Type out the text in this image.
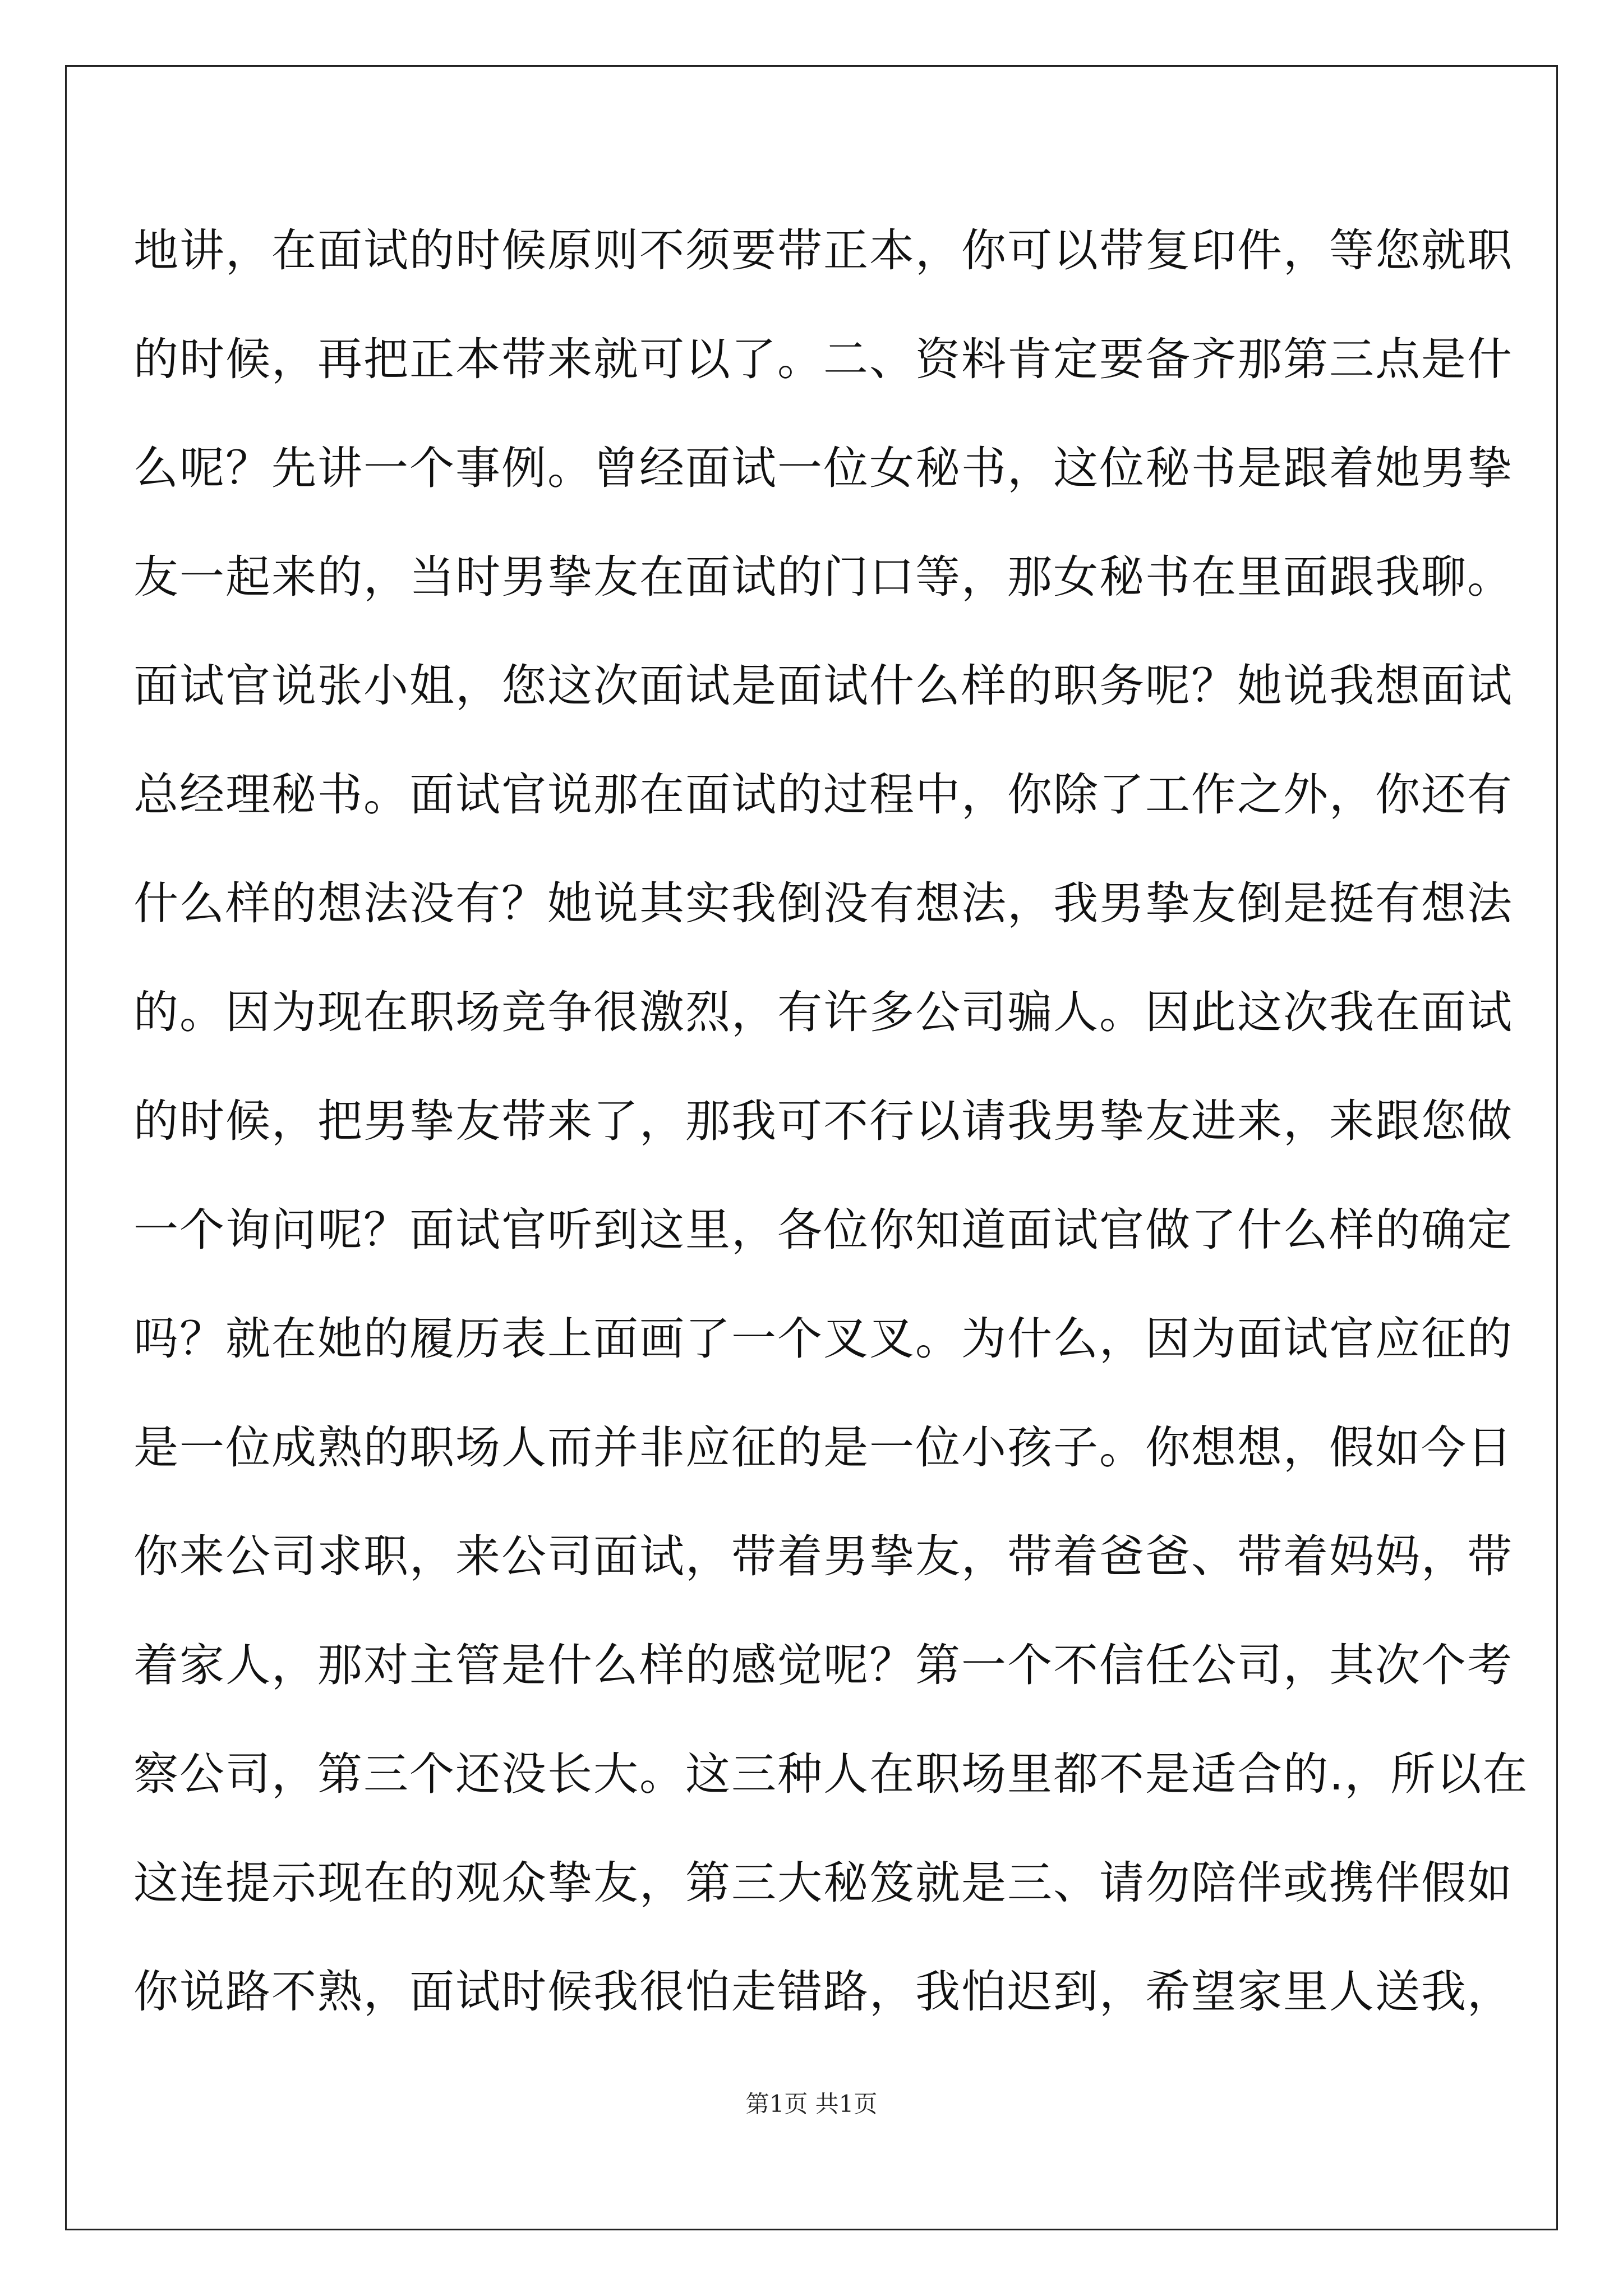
地讲，在面试的时候原则不须要带正本，你可以带复印件，等您就职
的时候，再把正本带来就可以了。二、资料肯定要备齐那第三点是什
么呢？先讲一个事例。曾经面试一位女秘书，这位秘书是跟着她男挚
友一起来的，当时男挚友在面试的门口等，那女秘书在里面跟我聊。
面试官说张小姐，您这次面试是面试什么样的职务呢？她说我想面试
总经理秘书。面试官说那在面试的过程中，你除了工作之外，你还有
什么样的想法没有？她说其实我倒没有想法，我男挚友倒是挺有想法
的。因为现在职场竞争很激烈，有许多公司骗人。因此这次我在面试
的时候，把男挚友带来了，那我可不行以请我男挚友进来，来跟您做
一个询问呢？面试官听到这里，各位你知道面试官做了什么样的确定
吗？就在她的履历表上面画了一个叉叉。为什么，因为面试官应征的
是一位成熟的职场人而并非应征的是一位小孩子。你想想，假如今日
你来公司求职，来公司面试，带着男挚友，带着爸爸、带着妈妈，带
着家人，那对主管是什么样的感觉呢？第一个不信任公司，其次个考
察公司，第三个还没长大。这三种人在职场里都不是适合的.，所以在
这连提示现在的观众挚友，第三大秘笈就是三、请勿陪伴或携伴假如
你说路不熟，面试时候我很怕走错路，我怕迟到，希望家里人送我，
第1页 共1页
